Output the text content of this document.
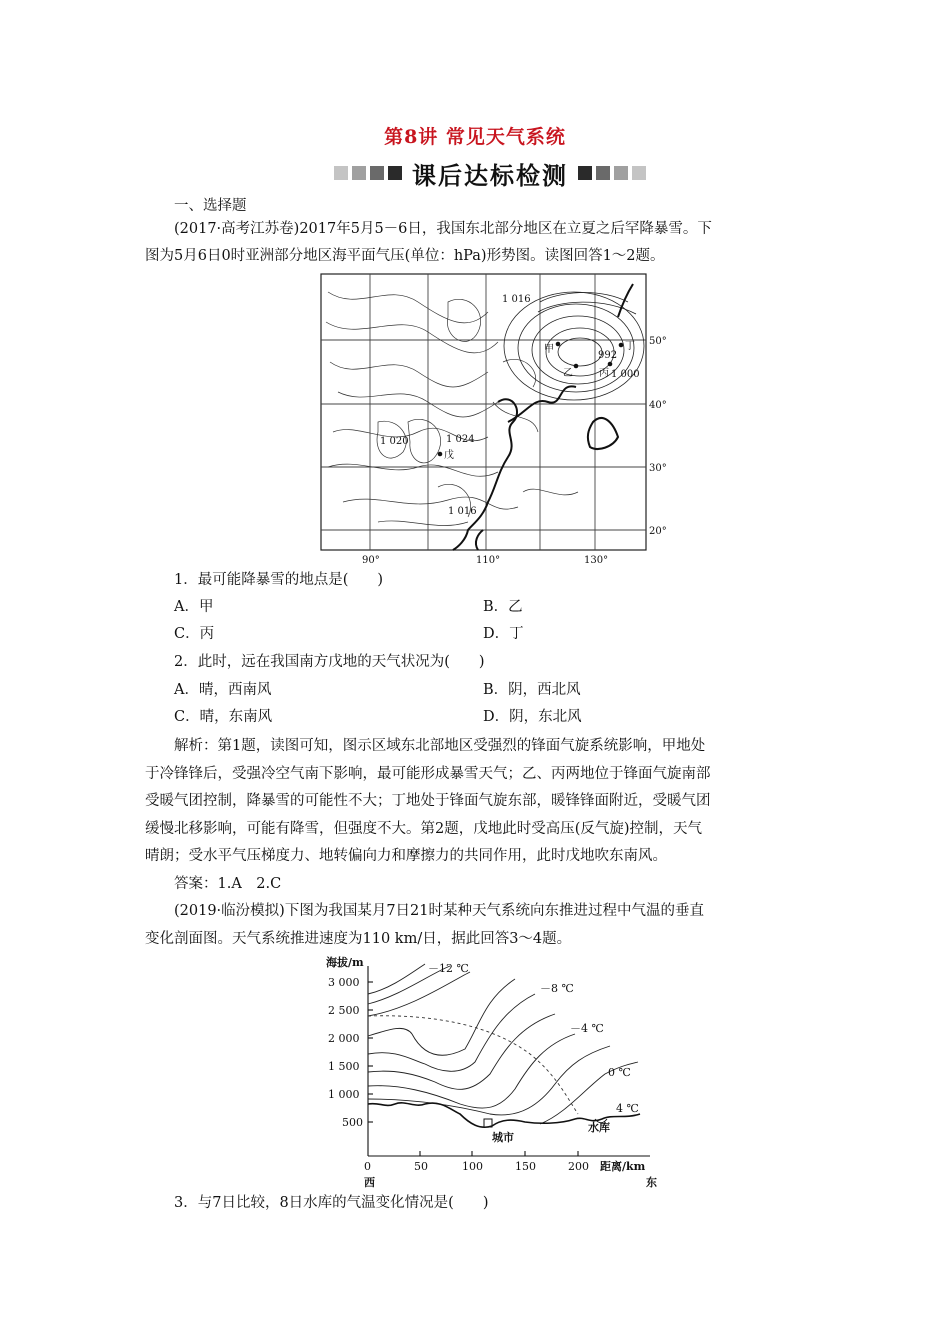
第8讲 常见天气系统
课后达标检测
一、选择题
(2017·高考江苏卷)2017年5月5－6日，我国东北部分地区在立夏之后罕降暴雪。下
图为5月6日0时亚洲部分地区海平面气压(单位：hPa)形势图。读图回答1～2题。
1 016
1 020	1 024
1 016
992
1 000
甲
乙	丙
丁
戊
50°
40°
30°
20°
90°	110°	130°
1．最可能降暴雪的地点是(　　)
A．甲	B．乙
C．丙	D．丁
2．此时，远在我国南方戊地的天气状况为(　　)
A．晴，西南风	B．阴，西北风
C．晴，东南风	D．阴，东北风
解析：第1题，读图可知，图示区域东北部地区受强烈的锋面气旋系统影响，甲地处
于冷锋锋后，受强冷空气南下影响，最可能形成暴雪天气；乙、丙两地位于锋面气旋南部
受暖气团控制，降暴雪的可能性不大；丁地处于锋面气旋东部，暖锋锋面附近，受暖气团
缓慢北移影响，可能有降雪，但强度不大。第2题，戊地此时受高压(反气旋)控制，天气
晴朗；受水平气压梯度力、地转偏向力和摩擦力的共同作用，此时戊地吹东南风。
答案：1.A　2.C
(2019·临汾模拟)下图为我国某月7日21时某种天气系统向东推进过程中气温的垂直
变化剖面图。天气系统推进速度为110 km/日，据此回答3～4题。
海拔/m
3 000
2 500
2 000
1 500
1 000
500
0	50	100	150	200 距离/km
西	东
－12 ℃
－8 ℃
－4 ℃
0 ℃
4 ℃
城市
水库
3．与7日比较，8日水库的气温变化情况是(　　)
